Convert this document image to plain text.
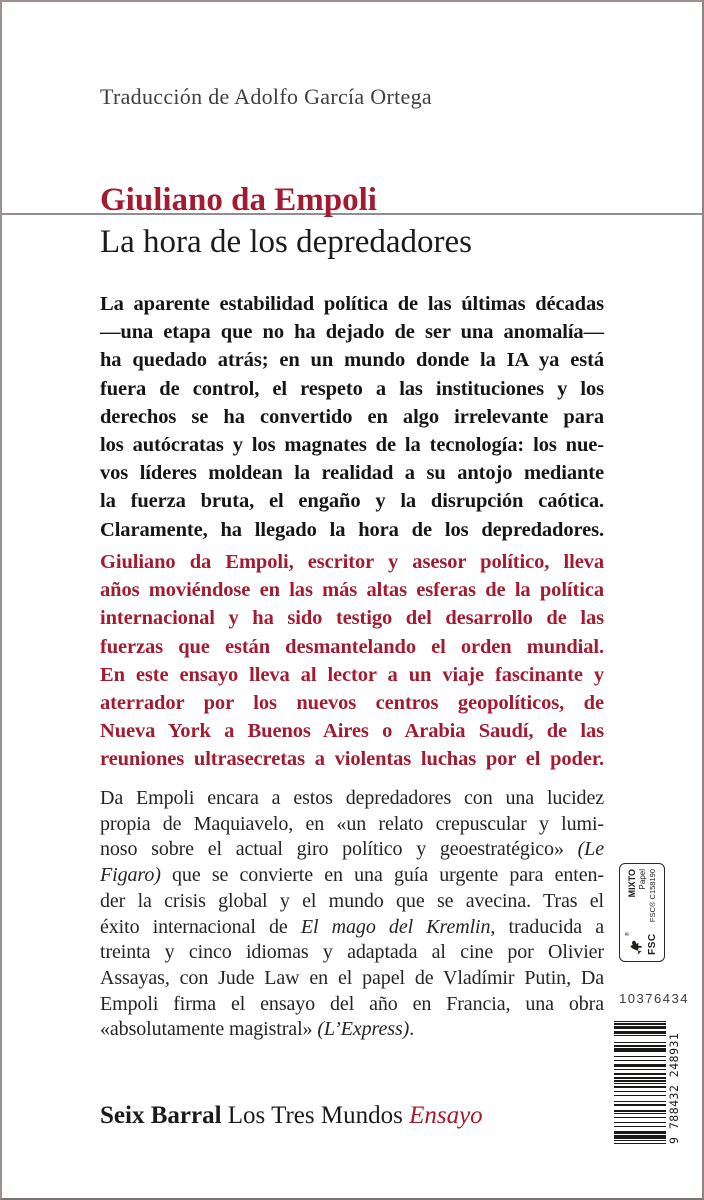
Traducción de Adolfo García Ortega
Giuliano da Empoli
La hora de los depredadores
La aparente estabilidad política de las últimas décadas
—una etapa que no ha dejado de ser una anomalía—
ha quedado atrás; en un mundo donde la IA ya está
fuera de control, el respeto a las instituciones y los
derechos se ha convertido en algo irrelevante para
los autócratas y los magnates de la tecnología: los nue-
vos líderes moldean la realidad a su antojo mediante
la fuerza bruta, el engaño y la disrupción caótica.
Claramente, ha llegado la hora de los depredadores.
Giuliano da Empoli, escritor y asesor político, lleva
años moviéndose en las más altas esferas de la política
internacional y ha sido testigo del desarrollo de las
fuerzas que están desmantelando el orden mundial.
En este ensayo lleva al lector a un viaje fascinante y
aterrador por los nuevos centros geopolíticos, de
Nueva York a Buenos Aires o Arabia Saudí, de las
reuniones ultrasecretas a violentas luchas por el poder.
Da Empoli encara a estos depredadores con una lucidez
propia de Maquiavelo, en «un relato crepuscular y lumi-
noso sobre el actual giro político y geoestratégico» (Le
Figaro) que se convierte en una guía urgente para enten-
der la crisis global y el mundo que se avecina. Tras el
éxito internacional de El mago del Kremlin, traducida a
treinta y cinco idiomas y adaptada al cine por Olivier
Assayas, con Jude Law en el papel de Vladímir Putin, Da
Empoli firma el ensayo del año en Francia, una obra
«absolutamente magistral» (L’Express).
Seix Barral Los Tres Mundos Ensayo
®	FSC
MIXTO Papel FSC® C158190
10376434
9 788432 248931
